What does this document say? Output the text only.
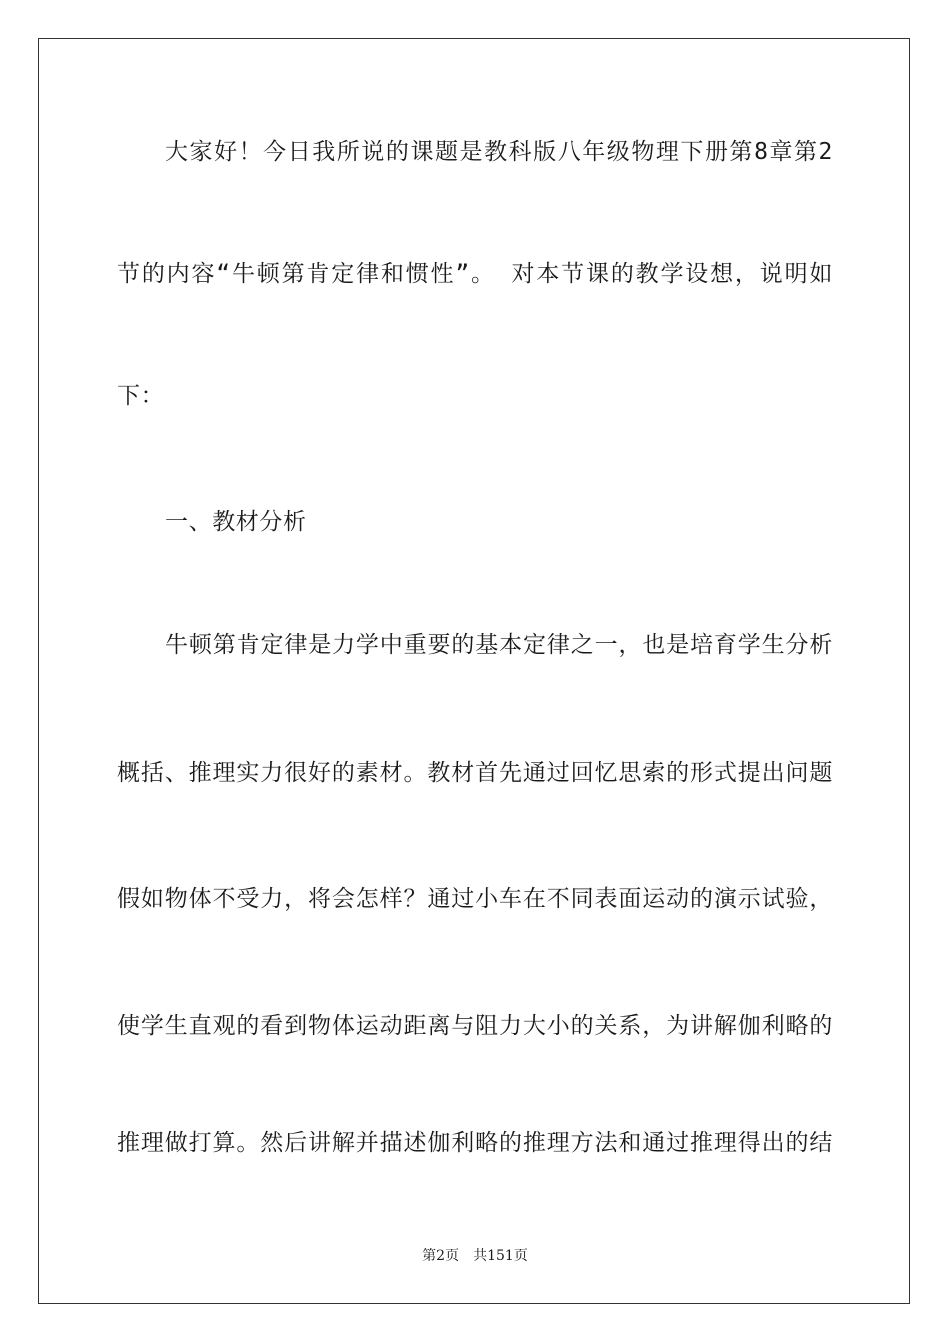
大家好！今日我所说的课题是教科版八年级物理下册第8章第2
节的内容“牛顿第肯定律和惯性”。 对本节课的教学设想，说明如
下：
一、教材分析
牛顿第肯定律是力学中重要的基本定律之一，也是培育学生分析
概括、推理实力很好的素材。教材首先通过回忆思索的形式提出问题
假如物体不受力，将会怎样？通过小车在不同表面运动的演示试验，
使学生直观的看到物体运动距离与阻力大小的关系，为讲解伽利略的
推理做打算。然后讲解并描述伽利略的推理方法和通过推理得出的结
第2页 共151页
